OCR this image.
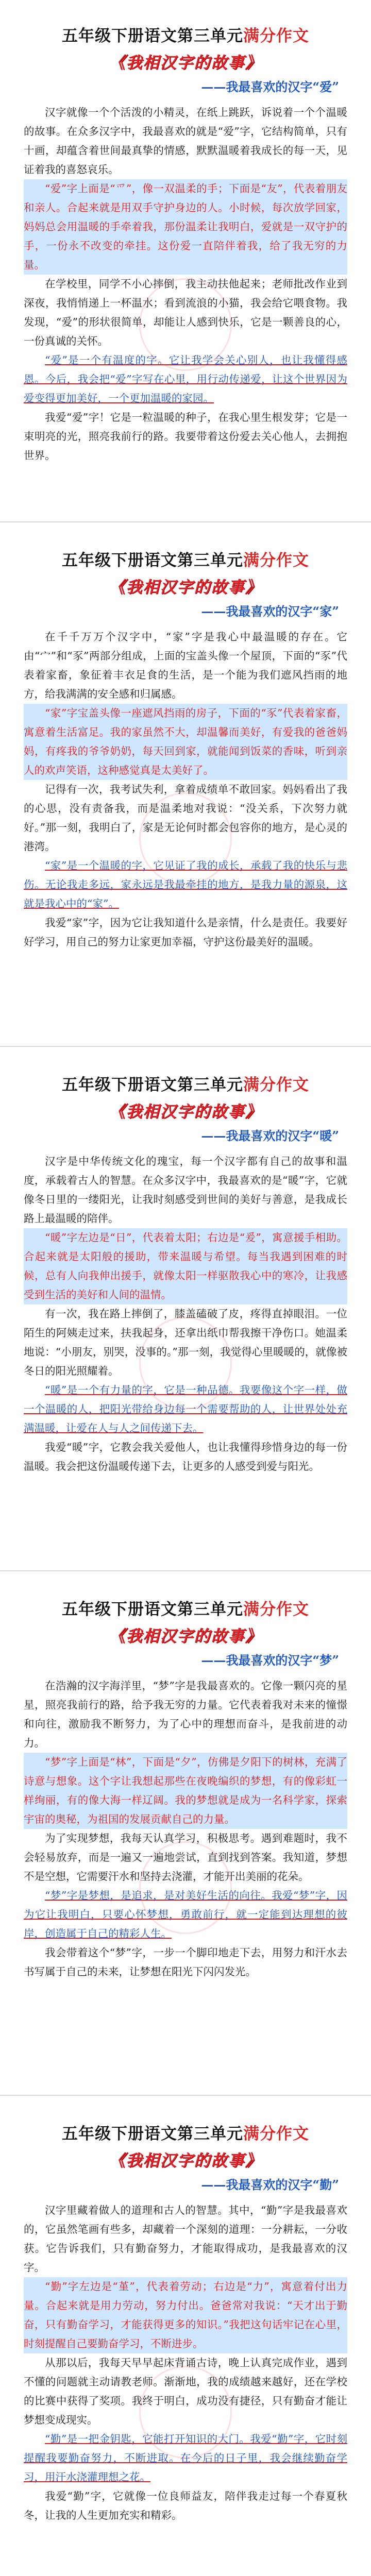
五年级下册语文第三单元满分作文
《我相汉字的故事》
——我最喜欢的汉字“爱”

汉字就像一个个活泼的小精灵，在纸上跳跃，诉说着一个个温暖的故事。在众多汉字中，我最喜欢的就是“爱”字，它结构简单，只有十画，却蕴含着世间最真挚的情感，默默温暖着我成长的每一天，见证着我的喜怒哀乐。

“爱”字上面是“爫”，像一双温柔的手；下面是“友”，代表着朋友和亲人。合起来就是用双手守护身边的人。小时候，每次放学回家，妈妈总会用温暖的手牵着我，那份温柔让我明白，爱就是一双守护的手，一份永不改变的牵挂。这份爱一直陪伴着我，给了我无穷的力量。

在学校里，同学不小心摔倒，我主动扶他起来；老师批改作业到深夜，我悄悄递上一杯温水；看到流浪的小猫，我会给它喂食物。我发现，“爱”的形状很简单，却能让人感到快乐，它是一颗善良的心，一份真诚的关怀。

“爱”是一个有温度的字。它让我学会关心别人，也让我懂得感恩。今后，我会把“爱”字写在心里，用行动传递爱，让这个世界因为爱变得更加美好，一个更加温暖的家园。

我爱“爱”字！它是一粒温暖的种子，在我心里生根发芽；它是一束明亮的光，照亮我前行的路。我要带着这份爱去关心他人，去拥抱世界。

五年级下册语文第三单元满分作文
《我相汉字的故事》
——我最喜欢的汉字“家”

在千千万万个汉字中，“家”字是我心中最温暖的存在。它由“宀”和“豕”两部分组成，上面的宝盖头像一个屋顶，下面的“豕”代表着家畜，象征着丰衣足食的生活，是一个能为我们遮风挡雨的地方，给我满满的安全感和归属感。

“家”字宝盖头像一座遮风挡雨的房子，下面的“豕”代表着家畜，寓意着生活富足。我的家虽然不大，却温馨而美好，有爱我的爸爸妈妈，有疼我的爷爷奶奶，每天回到家，就能闻到饭菜的香味，听到亲人的欢声笑语，这种感觉真是太美好了。

记得有一次，我考试失利，拿着成绩单不敢回家。妈妈看出了我的心思，没有责备我，而是温柔地对我说：“没关系，下次努力就好。”那一刻，我明白了，家是无论何时都会包容你的地方，是心灵的港湾。

“家”是一个温暖的字，它见证了我的成长，承载了我的快乐与悲伤。无论我走多远，家永远是我最牵挂的地方，是我力量的源泉，这就是我心中的“家”。

我爱“家”字，因为它让我知道什么是亲情，什么是责任。我要好好学习，用自己的努力让家更加幸福，守护这份最美好的温暖。

五年级下册语文第三单元满分作文
《我相汉字的故事》
——我最喜欢的汉字“暖”

汉字是中华传统文化的瑰宝，每一个汉字都有自己的故事和温度，承载着古人的智慧。在众多汉字中，我最喜欢的是“暖”字，它就像冬日里的一缕阳光，让我时刻感受到世间的美好与善意，是我成长路上最温暖的陪伴。

“暖”字左边是“日”，代表着太阳；右边是“爰”，寓意援手相助。合起来就是太阳般的援助，带来温暖与希望。每当我遇到困难的时候，总有人向我伸出援手，就像太阳一样驱散我心中的寒冷，让我感受到生活的美好和人间的温情。

有一次，我在路上摔倒了，膝盖磕破了皮，疼得直掉眼泪。一位陌生的阿姨走过来，扶我起身，还拿出纸巾帮我擦干净伤口。她温柔地说：“小朋友，别哭，没事的。”那一刻，我觉得心里暖暖的，就像被冬日的阳光照耀着。

“暖”是一个有力量的字，它是一种品德。我要像这个字一样，做一个温暖的人，把阳光带给身边每一个需要帮助的人，让世界处处充满温暖，让爱在人与人之间传递下去。

我爱“暖”字，它教会我关爱他人，也让我懂得珍惜身边的每一份温暖。我会把这份温暖传递下去，让更多的人感受到爱与阳光。

五年级下册语文第三单元满分作文
《我相汉字的故事》
——我最喜欢的汉字“梦”

在浩瀚的汉字海洋里，“梦”字是我最喜欢的。它像一颗闪亮的星星，照亮我前行的路，给予我无穷的力量。它代表着我对未来的憧憬和向往，激励我不断努力，为了心中的理想而奋斗，是我前进的动力。

“梦”字上面是“林”，下面是“夕”，仿佛是夕阳下的树林，充满了诗意与想象。这个字让我想起那些在夜晚编织的梦想，有的像彩虹一样绚丽，有的像大海一样辽阔。我的梦想就是成为一名科学家，探索宇宙的奥秘，为祖国的发展贡献自己的力量。

为了实现梦想，我每天认真学习，积极思考。遇到难题时，我不会轻易放弃，而是一遍又一遍地尝试，直到找到答案。我知道，梦想不是空想，它需要汗水和坚持去浇灌，才能开出美丽的花朵。

“梦”字是梦想，是追求，是对美好生活的向往。我爱“梦”字，因为它让我明白，只要心怀梦想，勇敢前行，就一定能到达理想的彼岸，创造属于自己的精彩人生。

我会带着这个“梦”字，一步一个脚印地走下去，用努力和汗水去书写属于自己的未来，让梦想在阳光下闪闪发光。

五年级下册语文第三单元满分作文
《我相汉字的故事》
——我最喜欢的汉字“勤”

汉字里藏着做人的道理和古人的智慧。其中，“勤”字是我最喜欢的，它虽然笔画有些多，却藏着一个深刻的道理：一分耕耘，一分收获。它告诉我们，只有勤奋努力，才能取得成功，是我最喜欢的汉字。

“勤”字左边是“堇”，代表着劳动；右边是“力”，寓意着付出力量。合起来就是用力劳动，努力付出。爸爸常对我说：“天才出于勤奋，只有勤奋学习，才能获得更多的知识。”我把这句话牢记在心里，时刻提醒自己要勤奋学习，不断进步。

从那以后，我每天早早起床背诵古诗，晚上认真完成作业，遇到不懂的问题就主动请教老师。渐渐地，我的成绩越来越好，还在学校的比赛中获得了奖项。我终于明白，成功没有捷径，只有勤奋才能让梦想变成现实。

“勤”是一把金钥匙，它能打开知识的大门。我爱“勤”字，它时刻提醒我要勤奋努力，不断进取。在今后的日子里，我会继续勤奋学习，用汗水浇灌理想之花。

我爱“勤”字，它就像一位良师益友，陪伴我走过每一个春夏秋冬，让我的人生更加充实和精彩。
